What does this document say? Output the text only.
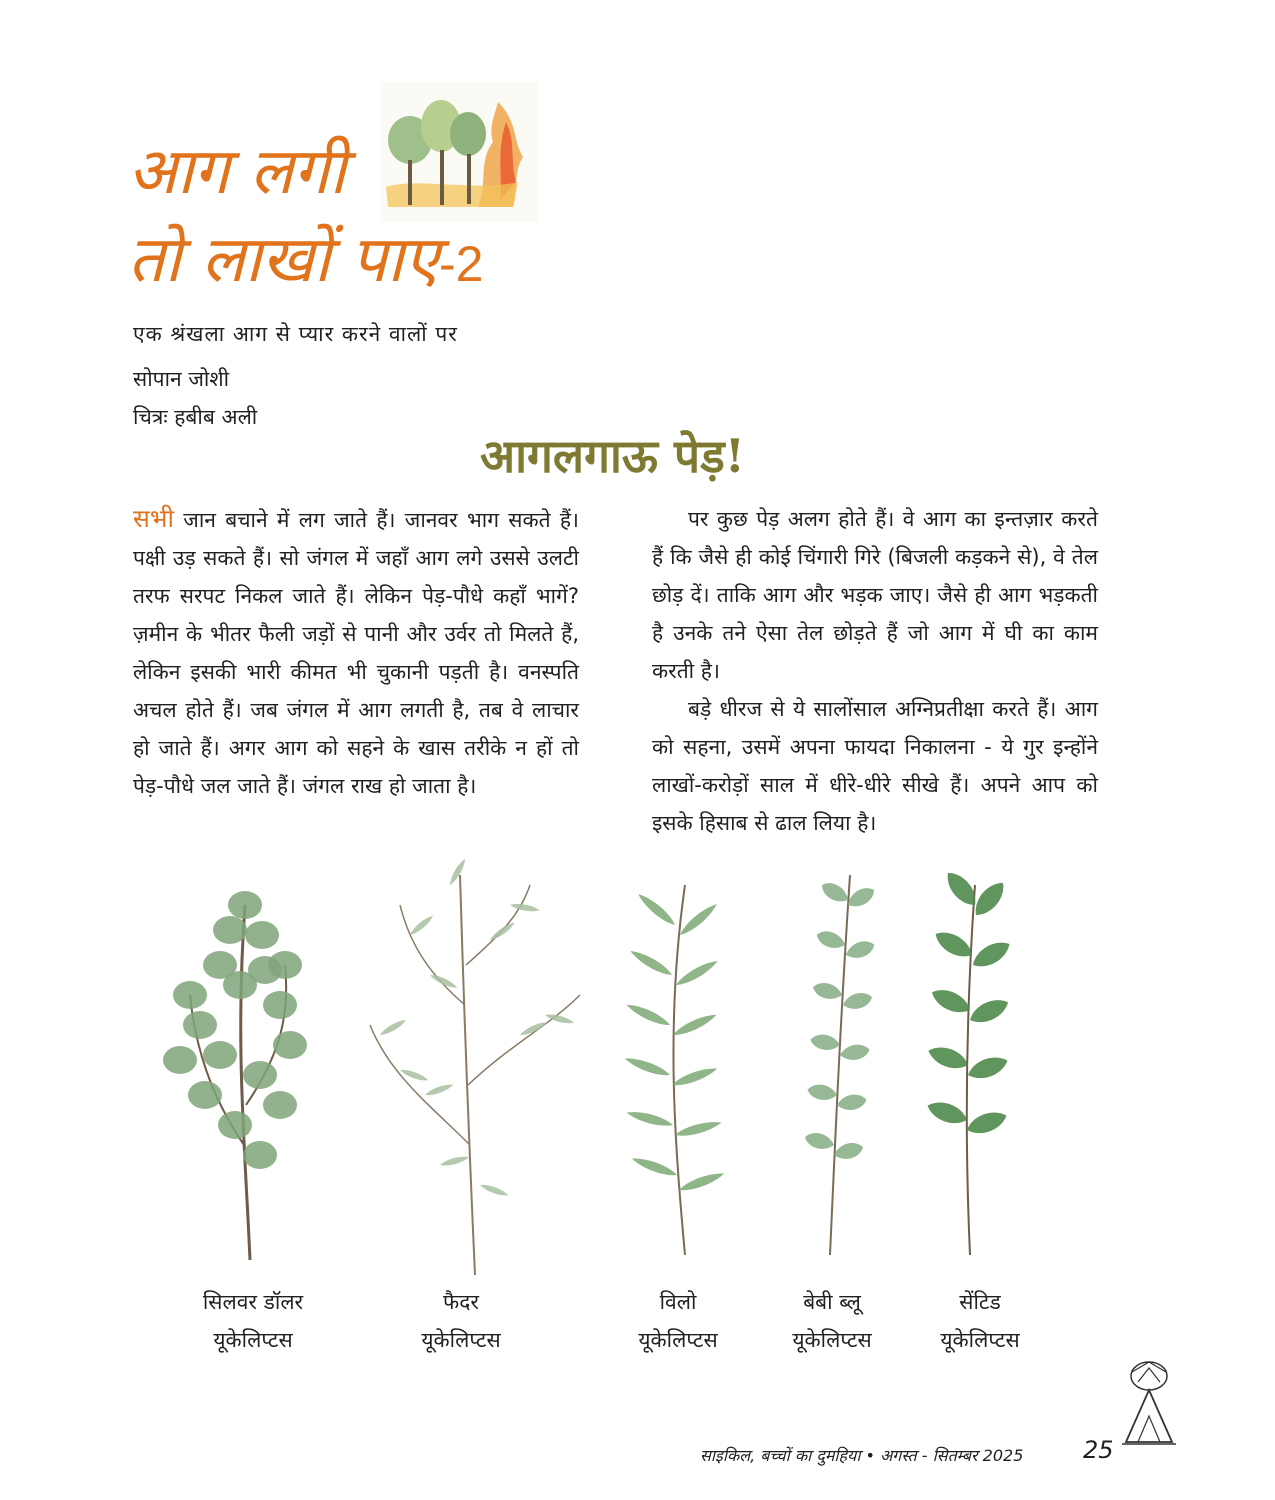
आग लगी
तो लाखों पाए-2
एक श्रंखला आग से प्यार करने वालों पर
सोपान जोशी
चित्रः हबीब अली
आगलगाऊ पेड़!

सभी जान बचाने में लग जाते हैं। जानवर भाग सकते हैं। पक्षी उड़ सकते हैं। सो जंगल में जहाँ आग लगे उससे उलटी तरफ सरपट निकल जाते हैं। लेकिन पेड़-पौधे कहाँ भागें? ज़मीन के भीतर फैली जड़ों से पानी और उर्वर तो मिलते हैं, लेकिन इसकी भारी कीमत भी चुकानी पड़ती है। वनस्पति अचल होते हैं। जब जंगल में आग लगती है, तब वे लाचार हो जाते हैं। अगर आग को सहने के खास तरीके न हों तो पेड़-पौधे जल जाते हैं। जंगल राख हो जाता है।

पर कुछ पेड़ अलग होते हैं। वे आग का इन्तज़ार करते हैं कि जैसे ही कोई चिंगारी गिरे (बिजली कड़कने से), वे तेल छोड़ दें। ताकि आग और भड़क जाए। जैसे ही आग भड़कती है उनके तने ऐसा तेल छोड़ते हैं जो आग में घी का काम करती है।

बड़े धीरज से ये सालोंसाल अग्निप्रतीक्षा करते हैं। आग को सहना, उसमें अपना फायदा निकालना - ये गुर इन्होंने लाखों-करोड़ों साल में धीरे-धीरे सीखे हैं। अपने आप को इसके हिसाब से ढाल लिया है।

सिलवर डॉलर
यूकेलिप्टस
फैदर
यूकेलिप्टस
विलो
यूकेलिप्टस
बेबी ब्लू
यूकेलिप्टस
सेंटिड
यूकेलिप्टस
साइकिल, बच्चों का दुमहिया • अगस्त - सितम्बर 2025 25
